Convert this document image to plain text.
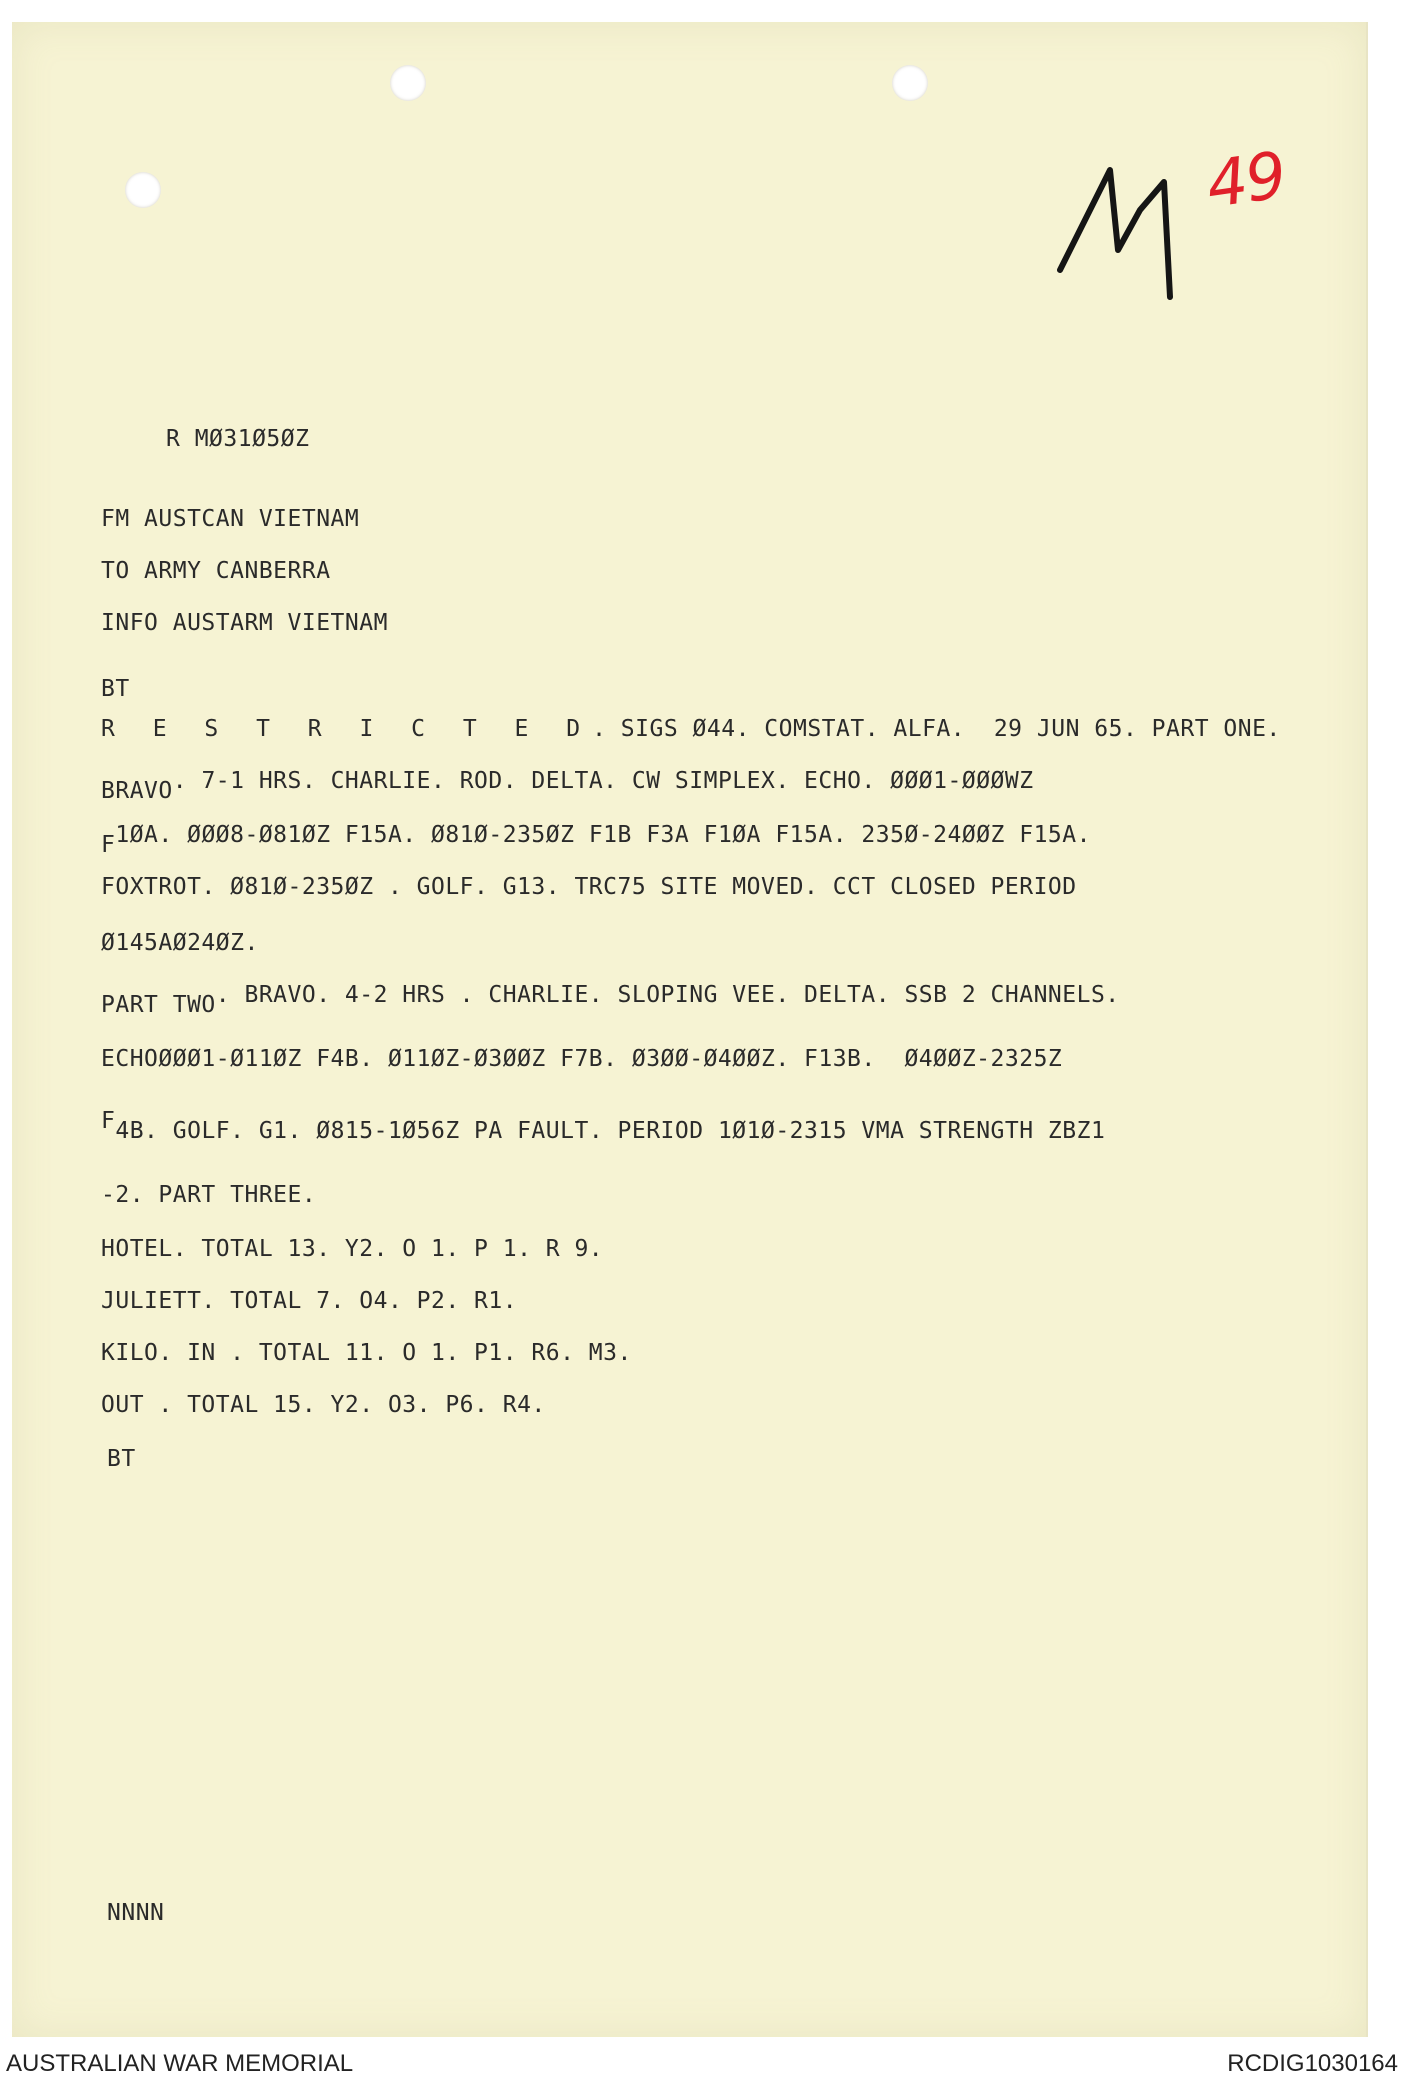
49
R MØ31Ø5ØZ
FM AUSTCAN VIETNAM
TO ARMY CANBERRA
INFO AUSTARM VIETNAM
BT
R E S T R I C T E D. SIGS Ø44. COMSTAT. ALFA.  29 JUN 65. PART ONE.
BRAVO. 7-1 HRS. CHARLIE. ROD. DELTA. CW SIMPLEX. ECHO. ØØØ1-ØØØWZ
F1ØA. ØØØ8-Ø81ØZ F15A. Ø81Ø-235ØZ F1B F3A F1ØA F15A. 235Ø-24ØØZ F15A.
FOXTROT. Ø81Ø-235ØZ . GOLF. G13. TRC75 SITE MOVED. CCT CLOSED PERIOD
Ø145AØ24ØZ.
PART TWO. BRAVO. 4-2 HRS . CHARLIE. SLOPING VEE. DELTA. SSB 2 CHANNELS.
ECHOØØØ1-Ø11ØZ F4B. Ø11ØZ-Ø3ØØZ F7B. Ø3ØØ-Ø4ØØZ. F13B.  Ø4ØØZ-2325Z
F4B. GOLF. G1. Ø815-1Ø56Z PA FAULT. PERIOD 1Ø1Ø-2315 VMA STRENGTH ZBZ1
-2. PART THREE.
HOTEL. TOTAL 13. Y2. O 1. P 1. R 9.
JULIETT. TOTAL 7. O4. P2. R1.
KILO. IN . TOTAL 11. O 1. P1. R6. M3.
OUT . TOTAL 15. Y2. O3. P6. R4.
BT
NNNN
AUSTRALIAN WAR MEMORIAL	RCDIG1030164
